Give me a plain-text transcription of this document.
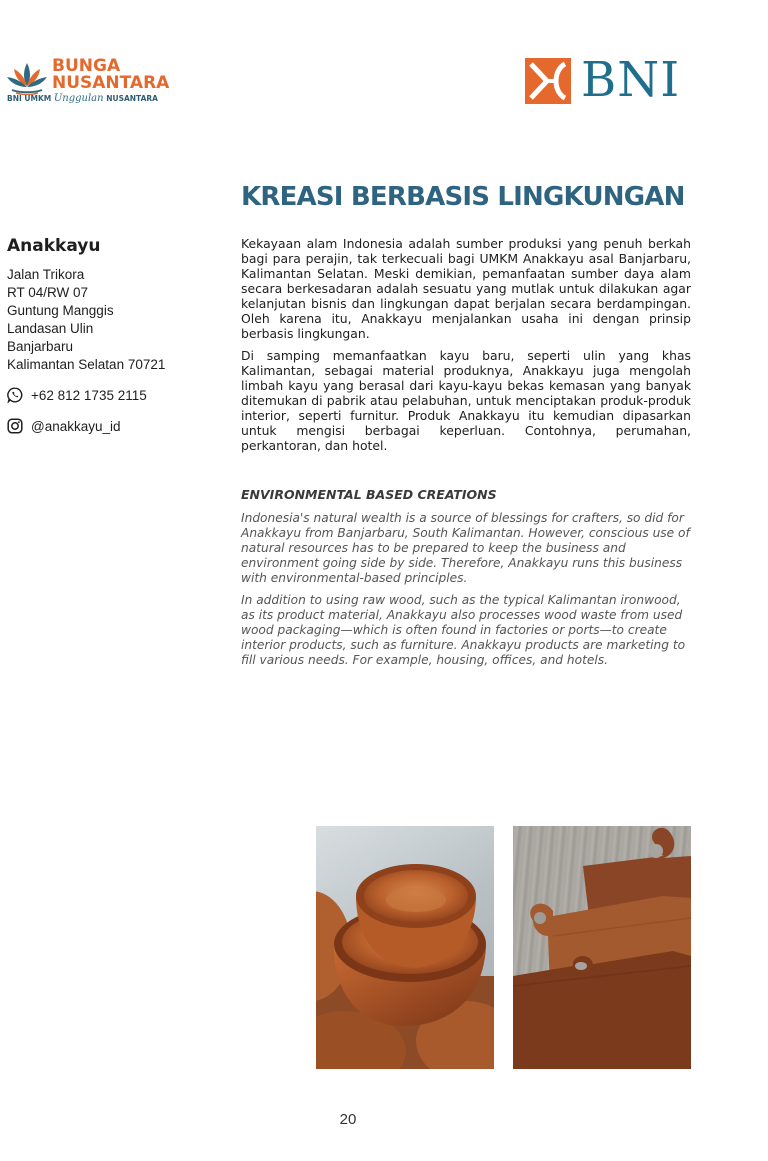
BUNGA
NUSANTARA
BNI UMKM Unggulan NUSANTARA	BNI
Anakkayu
Jalan Trikora
RT 04/RW 07
Guntung Manggis
Landasan Ulin
Banjarbaru
Kalimantan Selatan 70721
+62 812 1735 2115
@anakkayu_id
KREASI BERBASIS LINGKUNGAN

Kekayaan alam Indonesia adalah sumber produksi yang penuh berkah bagi para perajin, tak terkecuali bagi UMKM Anakkayu asal Banjarbaru, Kalimantan Selatan. Meski demikian, pemanfaatan sumber daya alam secara berkesadaran adalah sesuatu yang mutlak untuk dilakukan agar kelanjutan bisnis dan lingkungan dapat berjalan secara berdampingan. Oleh karena itu, Anakkayu menjalankan usaha ini dengan prinsip berbasis lingkungan.

Di samping memanfaatkan kayu baru, seperti ulin yang khas Kalimantan, sebagai material produknya, Anakkayu juga mengolah limbah kayu yang berasal dari kayu-kayu bekas kemasan yang banyak ditemukan di pabrik atau pelabuhan, untuk menciptakan produk-produk interior, seperti furnitur. Produk Anakkayu itu kemudian dipasarkan untuk mengisi berbagai keperluan. Contohnya, perumahan, perkantoran, dan hotel.

ENVIRONMENTAL BASED CREATIONS

Indonesia's natural wealth is a source of blessings for crafters, so did for Anakkayu from Banjarbaru, South Kalimantan. However, conscious use of natural resources has to be prepared to keep the business and environment going side by side. Therefore, Anakkayu runs this business with environmental-based principles.

In addition to using raw wood, such as the typical Kalimantan ironwood, as its product material, Anakkayu also processes wood waste from used wood packaging—which is often found in factories or ports—to create interior products, such as furniture. Anakkayu products are marketing to fill various needs. For example, housing, offices, and hotels.

20
